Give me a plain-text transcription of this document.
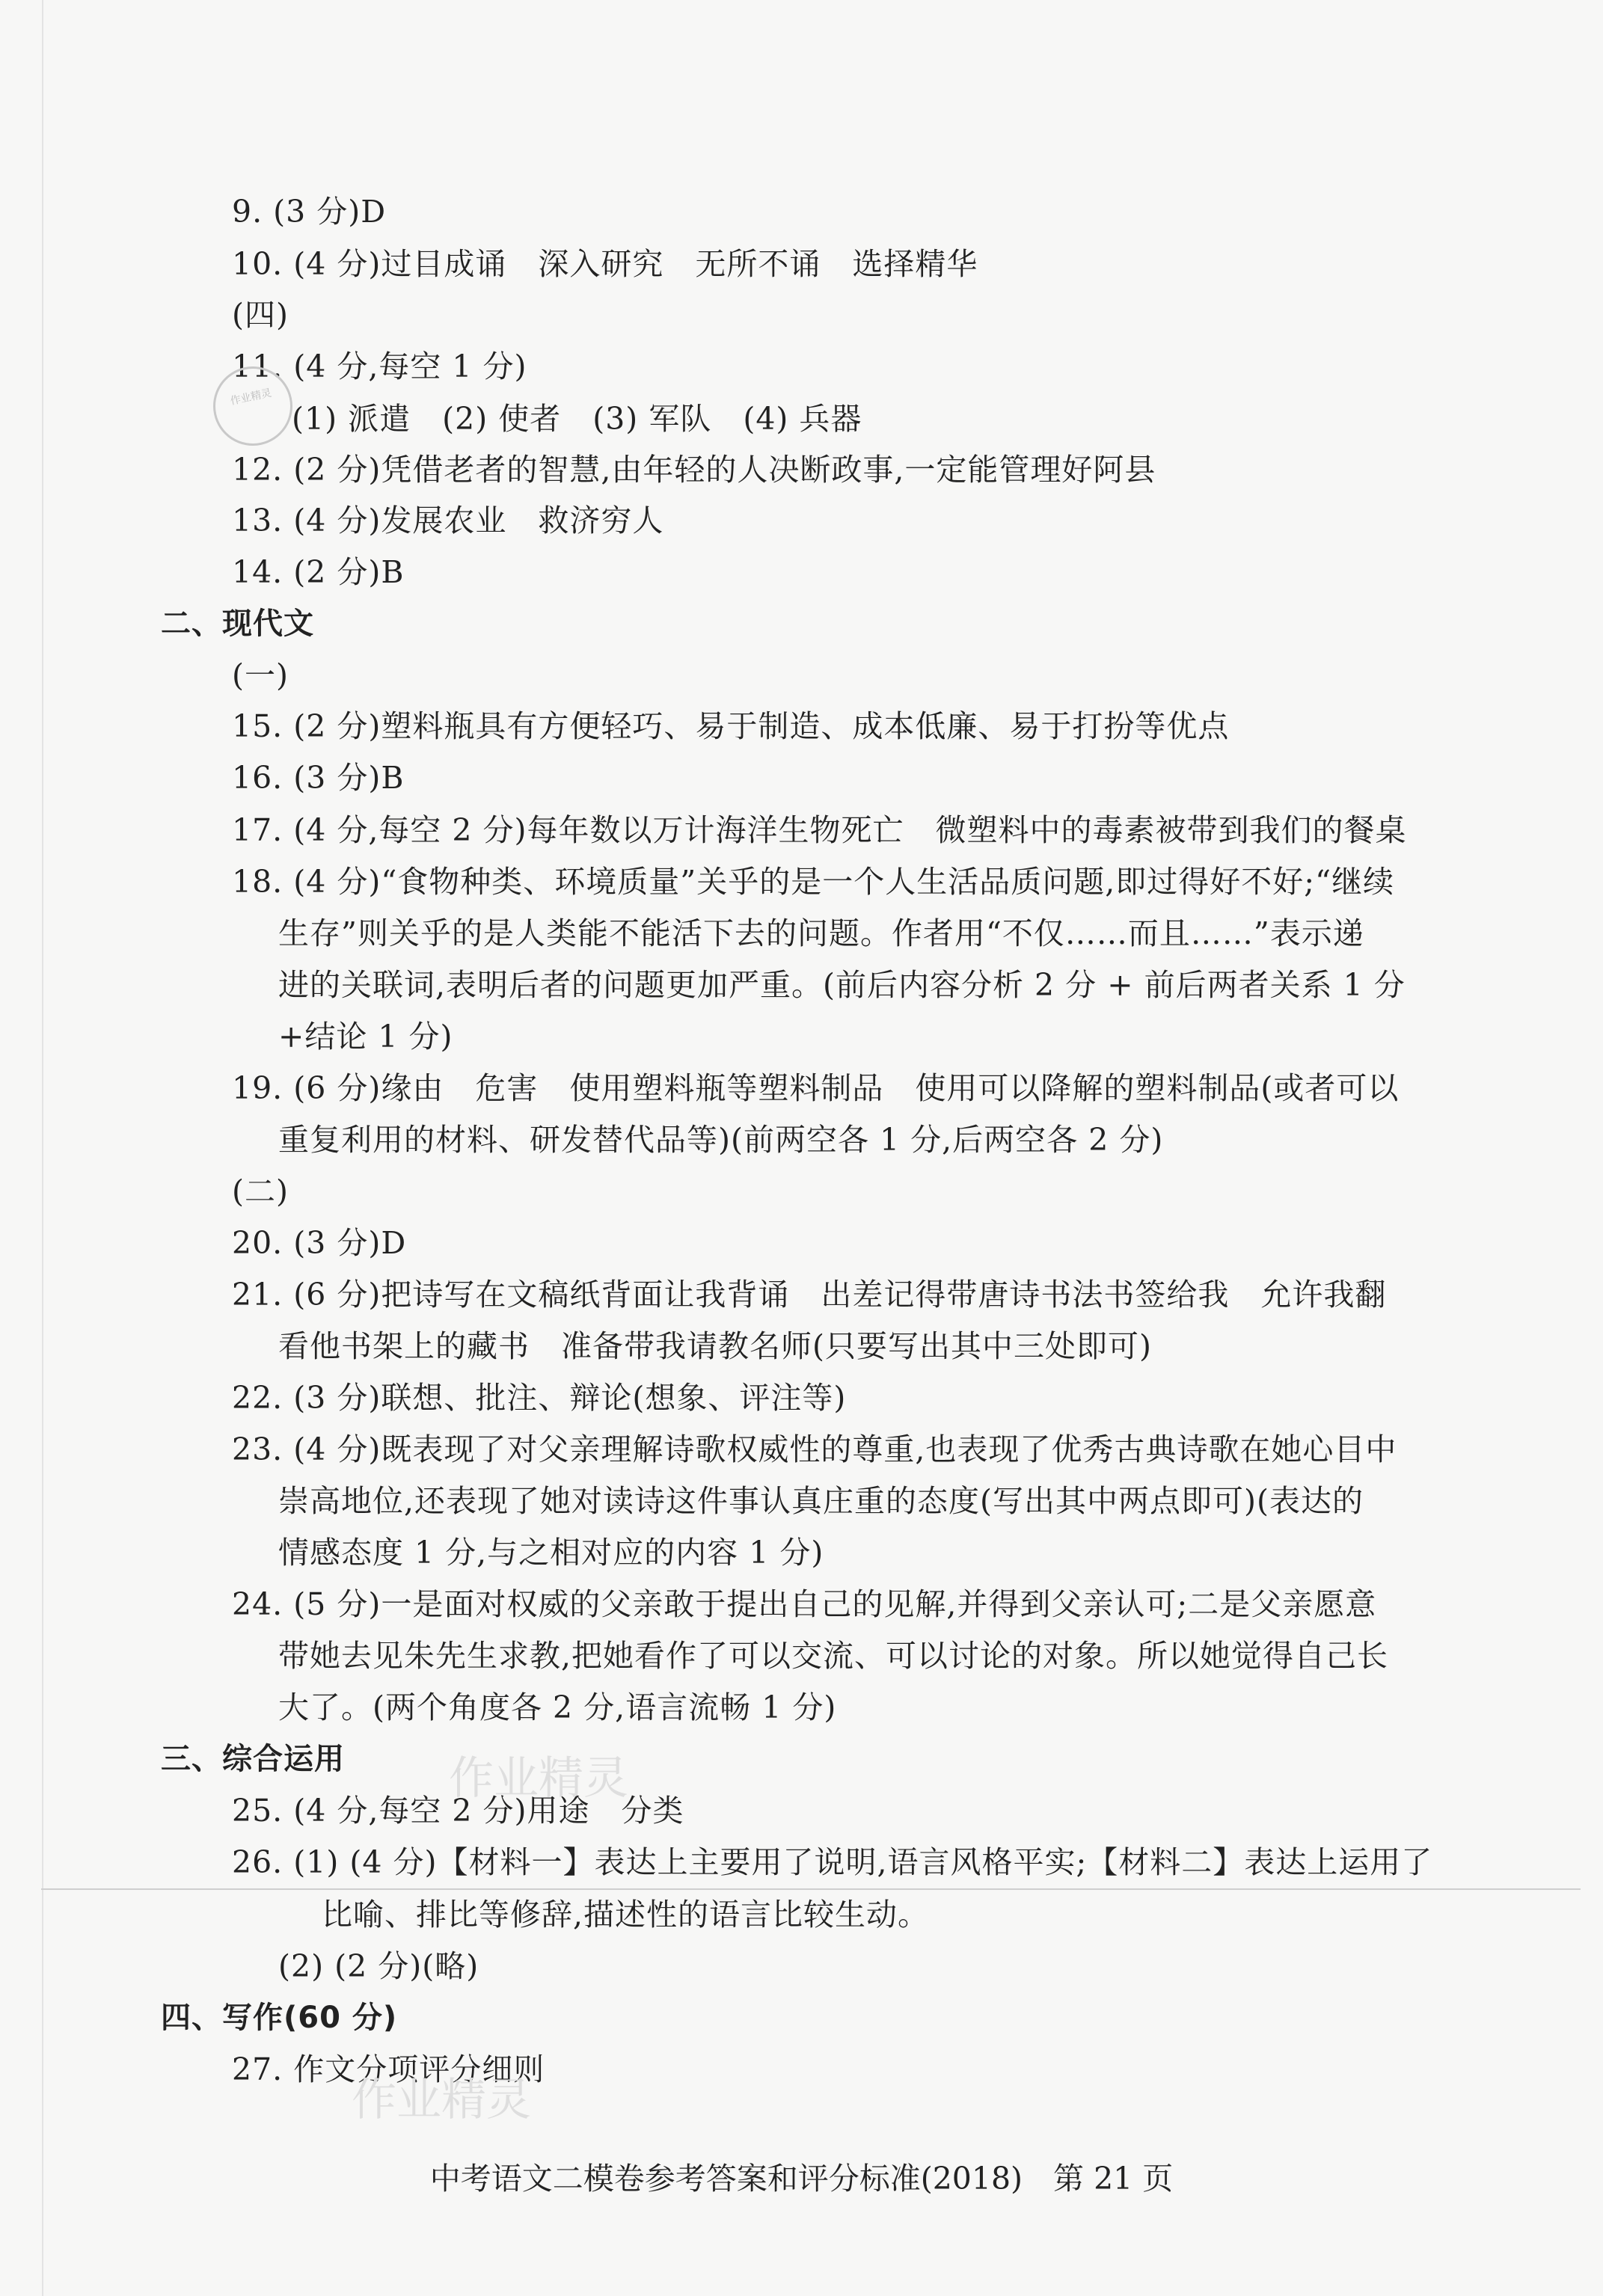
9. (3 分)D
10. (4 分)过目成诵　深入研究　无所不诵　选择精华
(四)
11. (4 分,每空 1 分)
(1) 派遣　(2) 使者　(3) 军队　(4) 兵器
12. (2 分)凭借老者的智慧,由年轻的人决断政事,一定能管理好阿县
13. (4 分)发展农业　救济穷人
14. (2 分)B
二、现代文
(一)
15. (2 分)塑料瓶具有方便轻巧、易于制造、成本低廉、易于打扮等优点
16. (3 分)B
17. (4 分,每空 2 分)每年数以万计海洋生物死亡　微塑料中的毒素被带到我们的餐桌
18. (4 分)“食物种类、环境质量”关乎的是一个人生活品质问题,即过得好不好;“继续
生存”则关乎的是人类能不能活下去的问题。作者用“不仅……而且……”表示递
进的关联词,表明后者的问题更加严重。(前后内容分析 2 分 + 前后两者关系 1 分
+结论 1 分)
19. (6 分)缘由　危害　使用塑料瓶等塑料制品　使用可以降解的塑料制品(或者可以
重复利用的材料、研发替代品等)(前两空各 1 分,后两空各 2 分)
(二)
20. (3 分)D
21. (6 分)把诗写在文稿纸背面让我背诵　出差记得带唐诗书法书签给我　允许我翻
看他书架上的藏书　准备带我请教名师(只要写出其中三处即可)
22. (3 分)联想、批注、辩论(想象、评注等)
23. (4 分)既表现了对父亲理解诗歌权威性的尊重,也表现了优秀古典诗歌在她心目中
崇高地位,还表现了她对读诗这件事认真庄重的态度(写出其中两点即可)(表达的
情感态度 1 分,与之相对应的内容 1 分)
24. (5 分)一是面对权威的父亲敢于提出自己的见解,并得到父亲认可;二是父亲愿意
带她去见朱先生求教,把她看作了可以交流、可以讨论的对象。所以她觉得自己长
大了。(两个角度各 2 分,语言流畅 1 分)
三、综合运用
25. (4 分,每空 2 分)用途　分类
26. (1) (4 分)【材料一】表达上主要用了说明,语言风格平实;【材料二】表达上运用了
比喻、排比等修辞,描述性的语言比较生动。
(2) (2 分)(略)
四、写作(60 分)
27. 作文分项评分细则
作业精灵
作业精灵
作业精灵
中考语文二模卷参考答案和评分标准(2018)　第 21 页
